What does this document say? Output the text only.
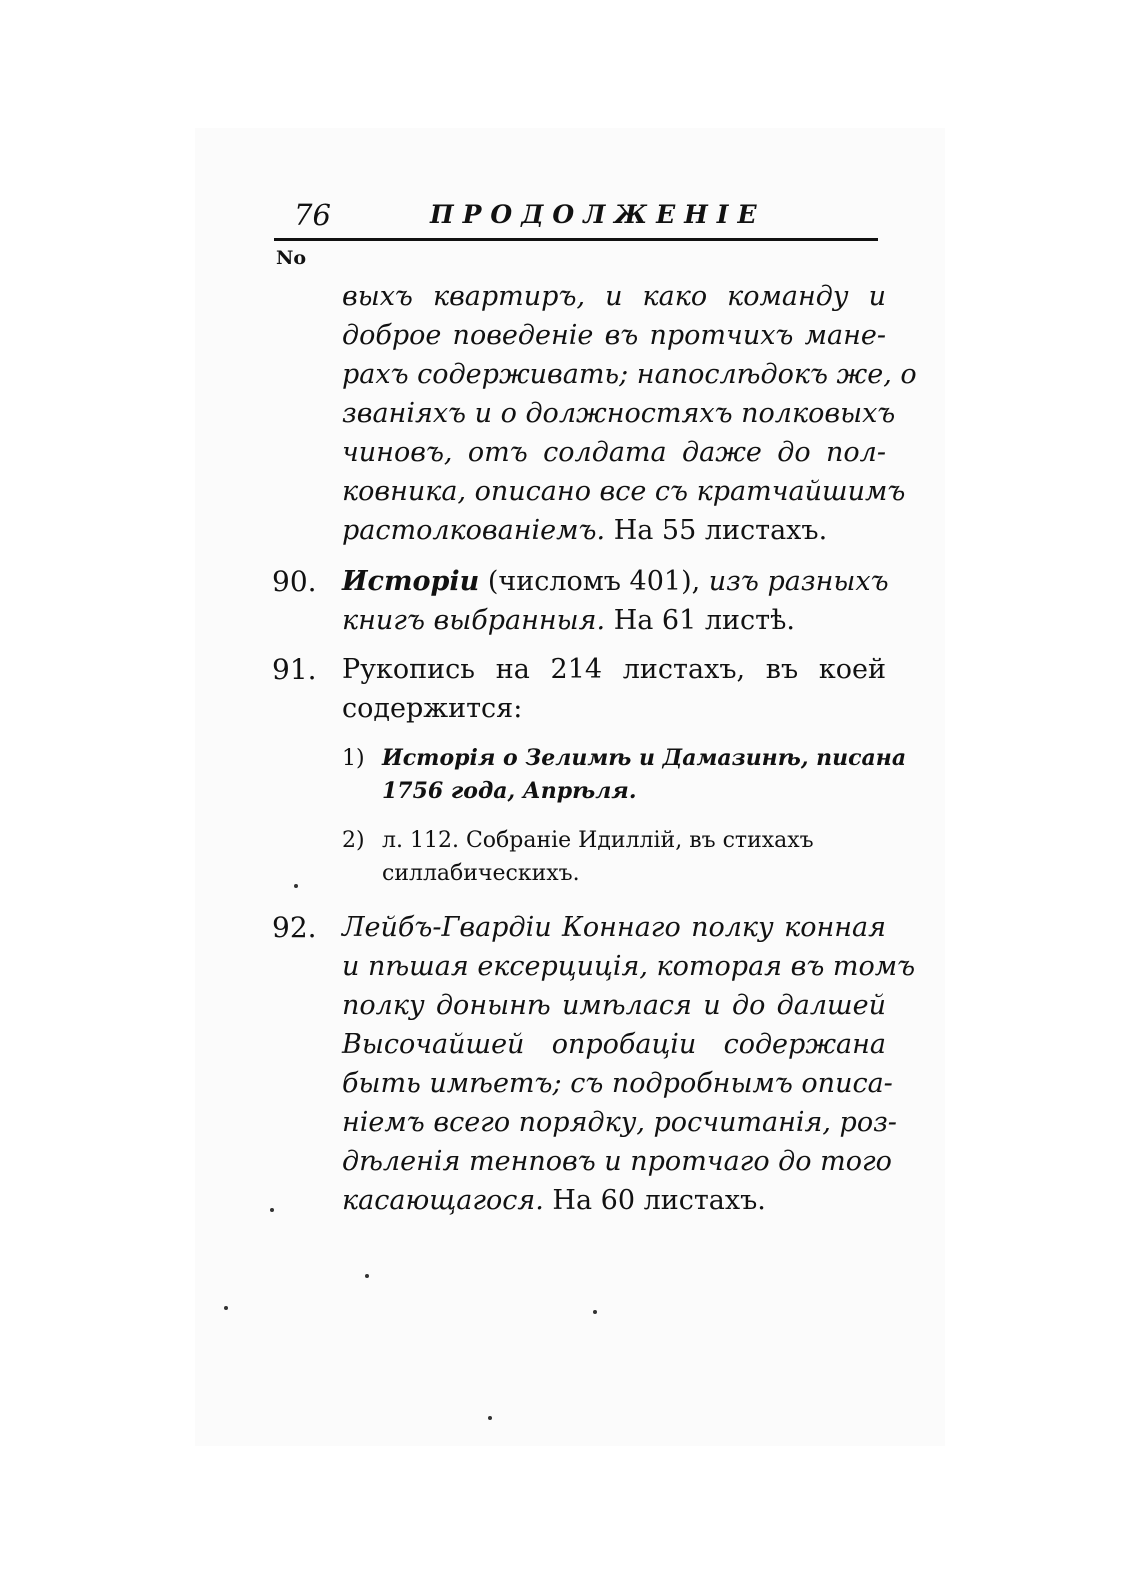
76	ПРОДОЛЖЕНIЕ
No
выхъ квартиръ, и како команду и
доброе поведенiе въ протчихъ мане-
рахъ содерживать; напослѣдокъ же, о
званiяхъ и о должностяхъ полковыхъ
чиновъ, отъ солдата даже до пол-
ковника, описано все съ кратчайшимъ
растолкованiемъ. На 55 листахъ.
90. Исторiи (числомъ 401), изъ разныхъ
книгъ выбранныя. На 61 листѣ.
91. Рукопись на 214 листахъ, въ коей
содержится:
1) Исторiя о Зелимѣ и Дамазинѣ, писана
1756 года, Апрѣля.
2) л. 112. Собранiе Идиллiй, въ стихахъ
силлабическихъ.
92. Лейбъ-Гвардiи Коннаго полку конная
и пѣшая ексерцицiя, которая въ томъ
полку донынѣ имѣлася и до далшей
Высочайшей опробацiи содержана
быть имѣетъ; съ подробнымъ описа-
нiемъ всего порядку, росчитанiя, роз-
дѣленiя тенповъ и протчаго до того
касающагося. На 60 листахъ.
